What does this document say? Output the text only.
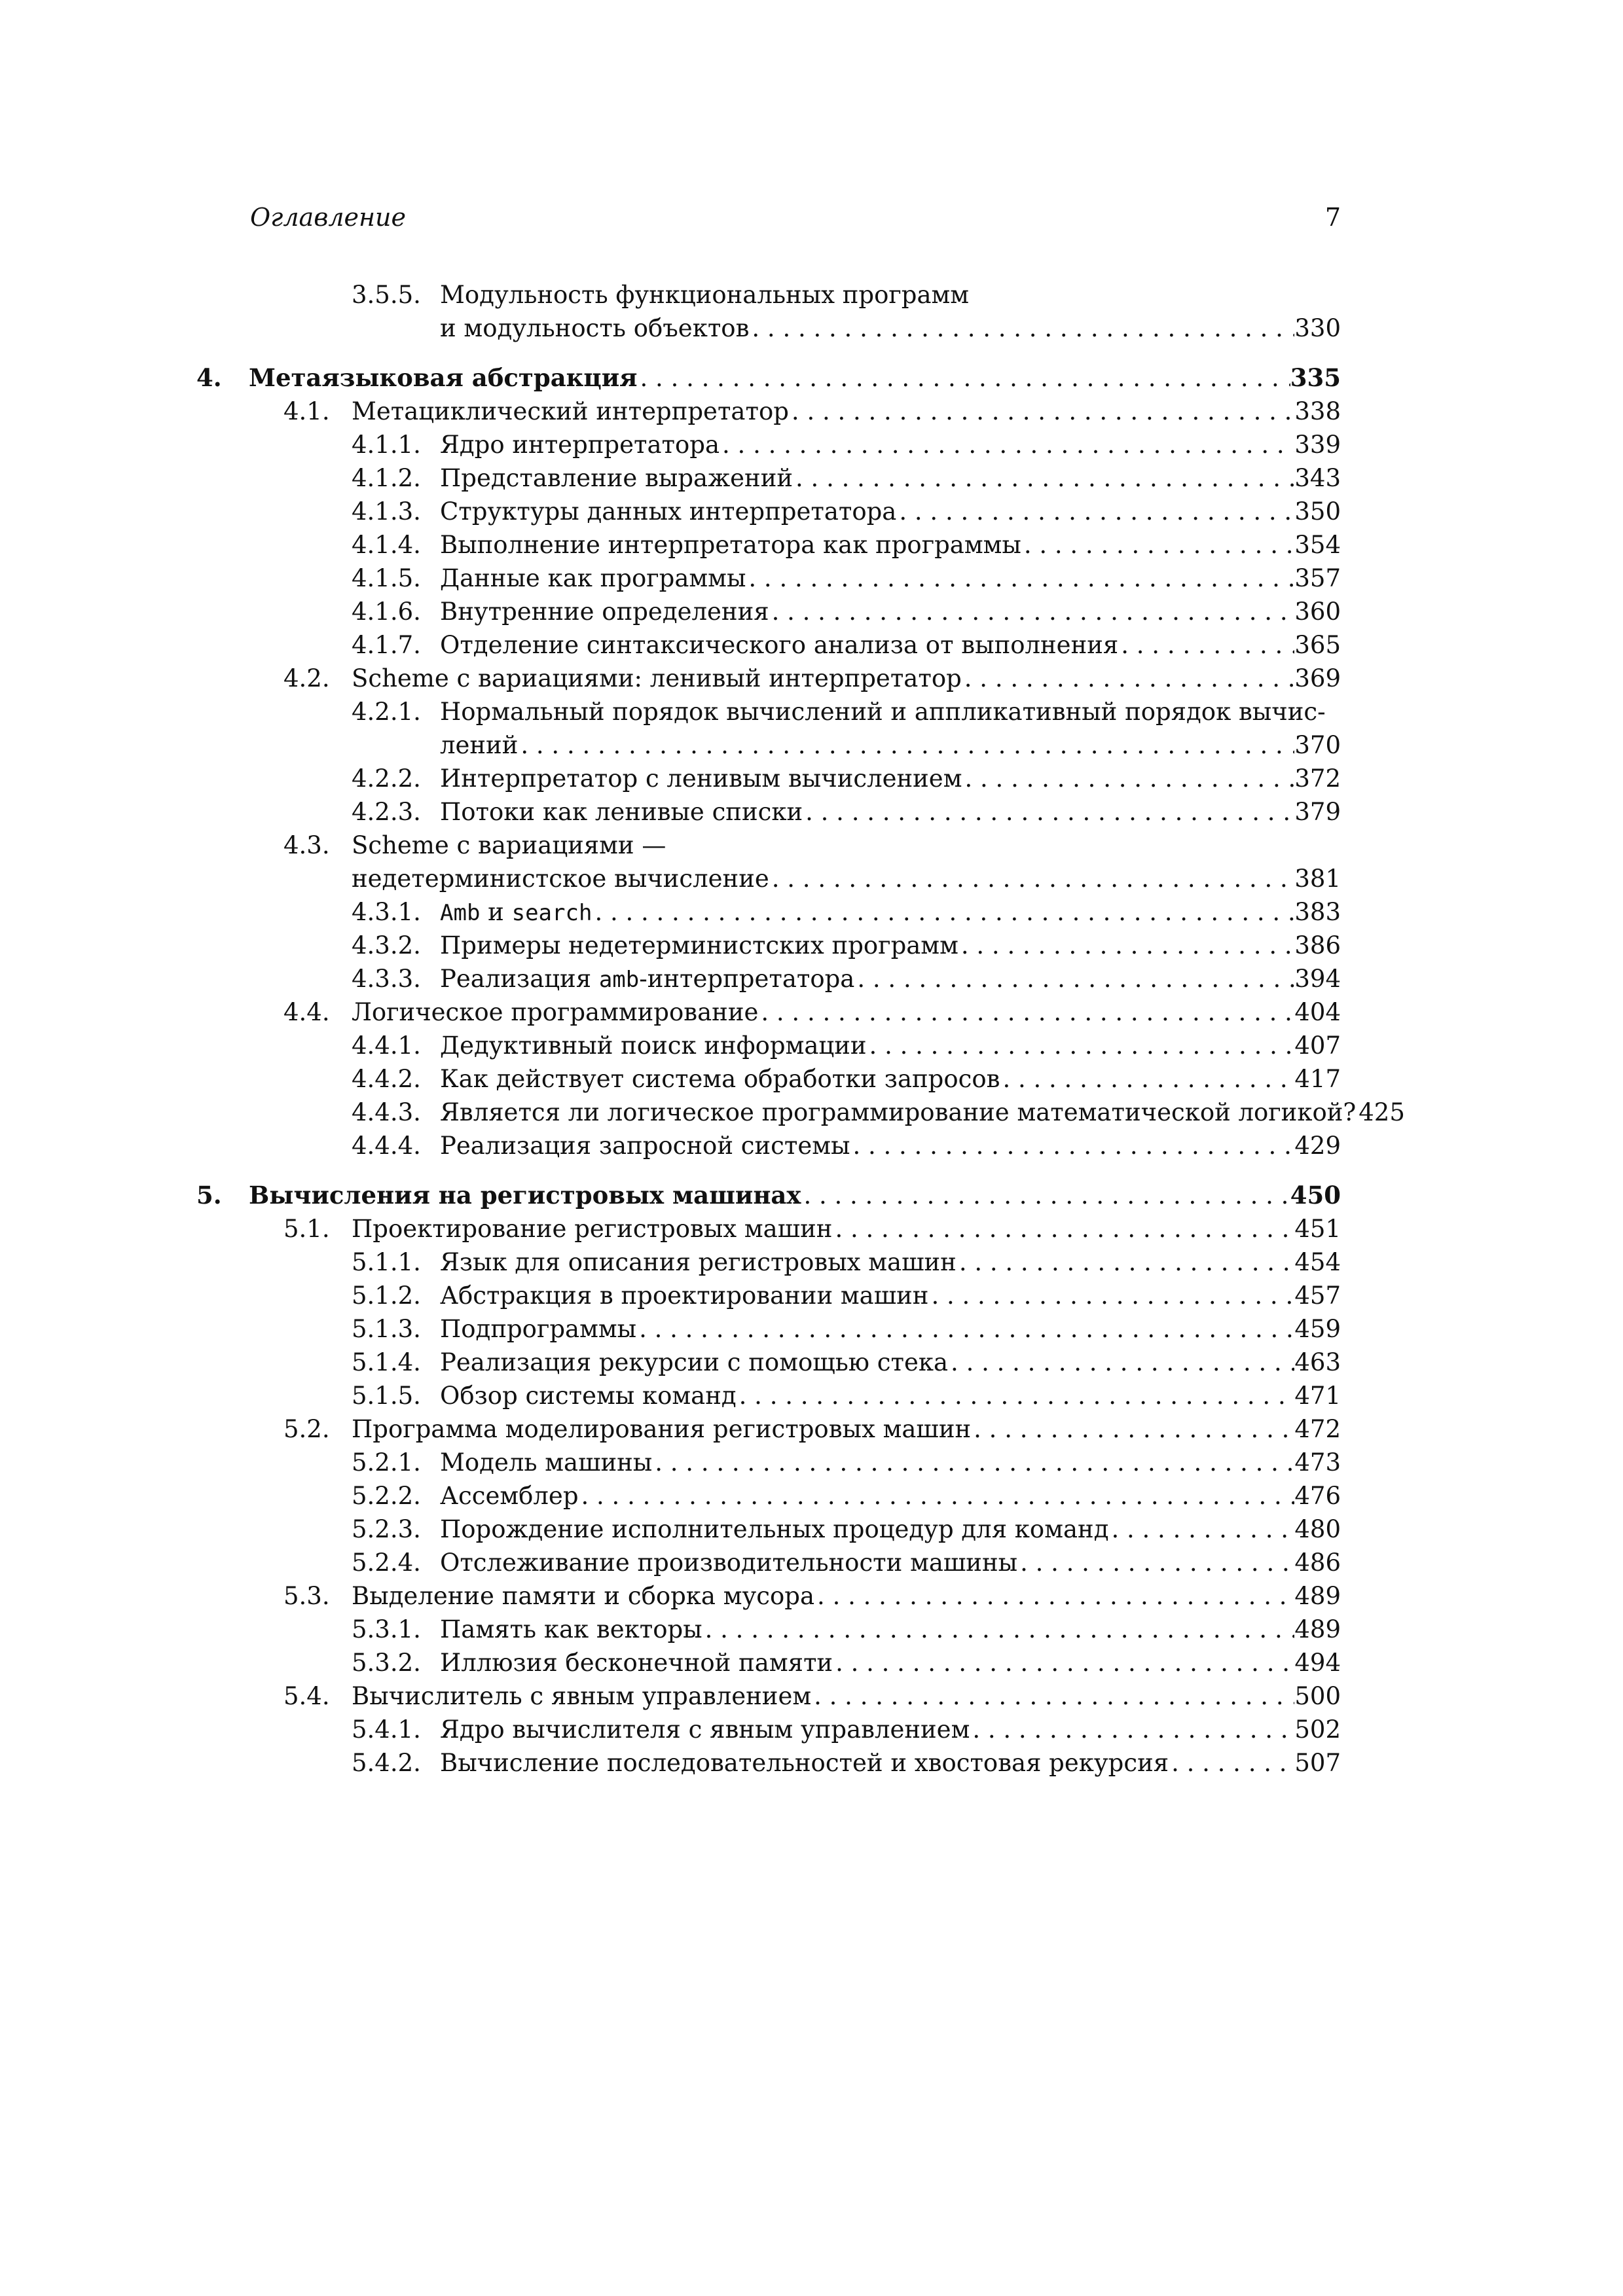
Оглавление	7
3.5.5. Модульность функциональных программ
и модульность объектов . . .	330
4. Метаязыковая абстракция . . .	335
4.1. Метациклический интерпретатор . . .	338
4.1.1. Ядро интерпретатора . . .	339
4.1.2. Представление выражений . . .	343
4.1.3. Структуры данных интерпретатора . . .	350
4.1.4. Выполнение интерпретатора как программы . . .	354
4.1.5. Данные как программы . . .	357
4.1.6. Внутренние определения . . .	360
4.1.7. Отделение синтаксического анализа от выполнения . . .	365
4.2. Scheme с вариациями: ленивый интерпретатор . . .	369
4.2.1. Нормальный порядок вычислений и аппликативный порядок вычис-
лений . . .	370
4.2.2. Интерпретатор с ленивым вычислением . . .	372
4.2.3. Потоки как ленивые списки . . .	379
4.3. Scheme с вариациями —
недетерминистское вычисление . . .	381
4.3.1. Amb и search . . .	383
4.3.2. Примеры недетерминистских программ . . .	386
4.3.3. Реализация amb-интерпретатора . . .	394
4.4. Логическое программирование . . .	404
4.4.1. Дедуктивный поиск информации . . .	407
4.4.2. Как действует система обработки запросов . . .	417
4.4.3. Является ли логическое программирование математической логикой? 425
4.4.4. Реализация запросной системы . . .	429
5. Вычисления на регистровых машинах . . .	450
5.1. Проектирование регистровых машин . . .	451
5.1.1. Язык для описания регистровых машин . . .	454
5.1.2. Абстракция в проектировании машин . . .	457
5.1.3. Подпрограммы . . .	459
5.1.4. Реализация рекурсии с помощью стека . . .	463
5.1.5. Обзор системы команд . . .	471
5.2. Программа моделирования регистровых машин . . .	472
5.2.1. Модель машины . . .	473
5.2.2. Ассемблер . . .	476
5.2.3. Порождение исполнительных процедур для команд . . .	480
5.2.4. Отслеживание производительности машины . . .	486
5.3. Выделение памяти и сборка мусора . . .	489
5.3.1. Память как векторы . . .	489
5.3.2. Иллюзия бесконечной памяти . . .	494
5.4. Вычислитель с явным управлением . . .	500
5.4.1. Ядро вычислителя с явным управлением . . .	502
5.4.2. Вычисление последовательностей и хвостовая рекурсия . . .	507
